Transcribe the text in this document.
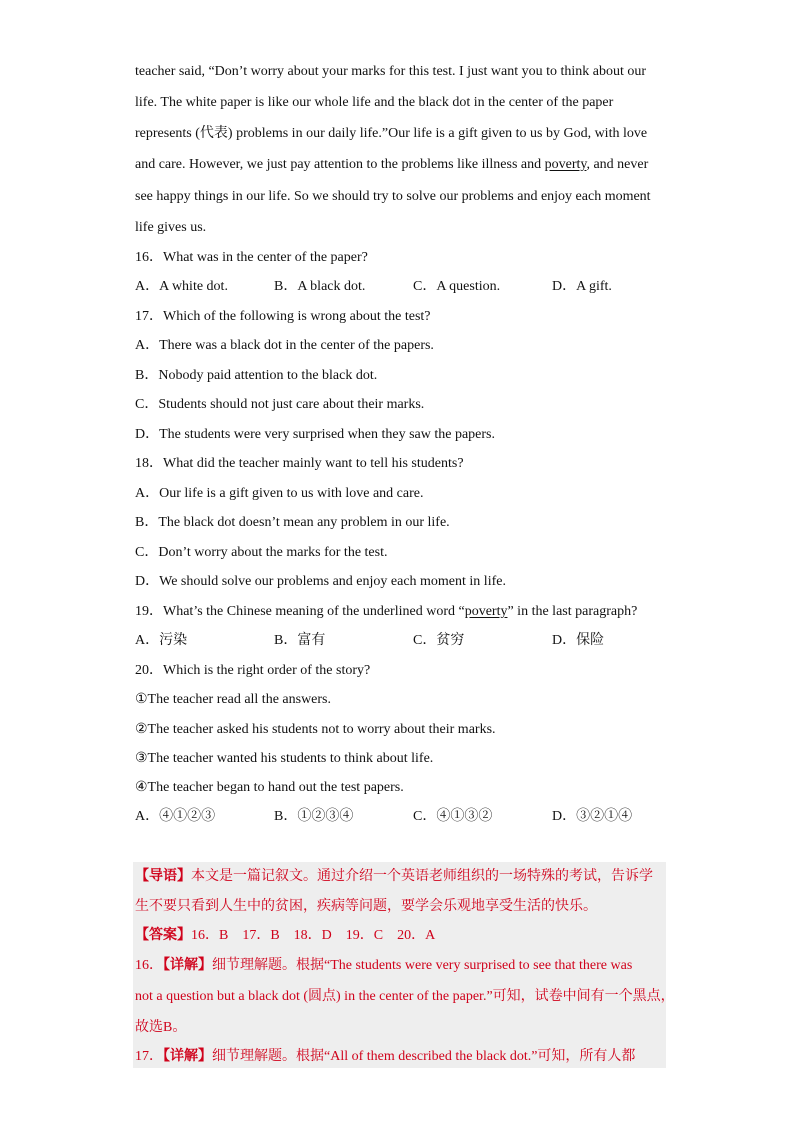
teacher said, “Don’t worry about your marks for this test. I just want you to think about our
life. The white paper is like our whole life and the black dot in the center of the paper
represents (代表) problems in our daily life.”Our life is a gift given to us by God, with love
and care. However, we just pay attention to the problems like illness and poverty, and never
see happy things in our life. So we should try to solve our problems and enjoy each moment
life gives us.
16．What was in the center of the paper?
A．A white dot.	B．A black dot.	C．A question.	D．A gift.
17．Which of the following is wrong about the test?
A．There was a black dot in the center of the papers.
B．Nobody paid attention to the black dot.
C．Students should not just care about their marks.
D．The students were very surprised when they saw the papers.
18．What did the teacher mainly want to tell his students?
A．Our life is a gift given to us with love and care.
B．The black dot doesn’t mean any problem in our life.
C．Don’t worry about the marks for the test.
D．We should solve our problems and enjoy each moment in life.
19．What’s the Chinese meaning of the underlined word “poverty” in the last paragraph?
A．污染	B．富有	C．贫穷	D．保险
20．Which is the right order of the story?
①The teacher read all the answers.
②The teacher asked his students not to worry about their marks.
③The teacher wanted his students to think about life.
④The teacher began to hand out the test papers.
A．④①②③	B．①②③④	C．④①③②	D．③②①④
【导语】本文是一篇记叙文。通过介绍一个英语老师组织的一场特殊的考试，告诉学
生不要只看到人生中的贫困，疾病等问题，要学会乐观地享受生活的快乐。
【答案】16．B　17．B　18．D　19．C　20．A
16．【详解】细节理解题。根据“The students were very surprised to see that there was
not a question but a black dot (圆点) in the center of the paper.”可知，试卷中间有一个黑点，
故选B。
17．【详解】细节理解题。根据“All of them described the black dot.”可知，所有人都
